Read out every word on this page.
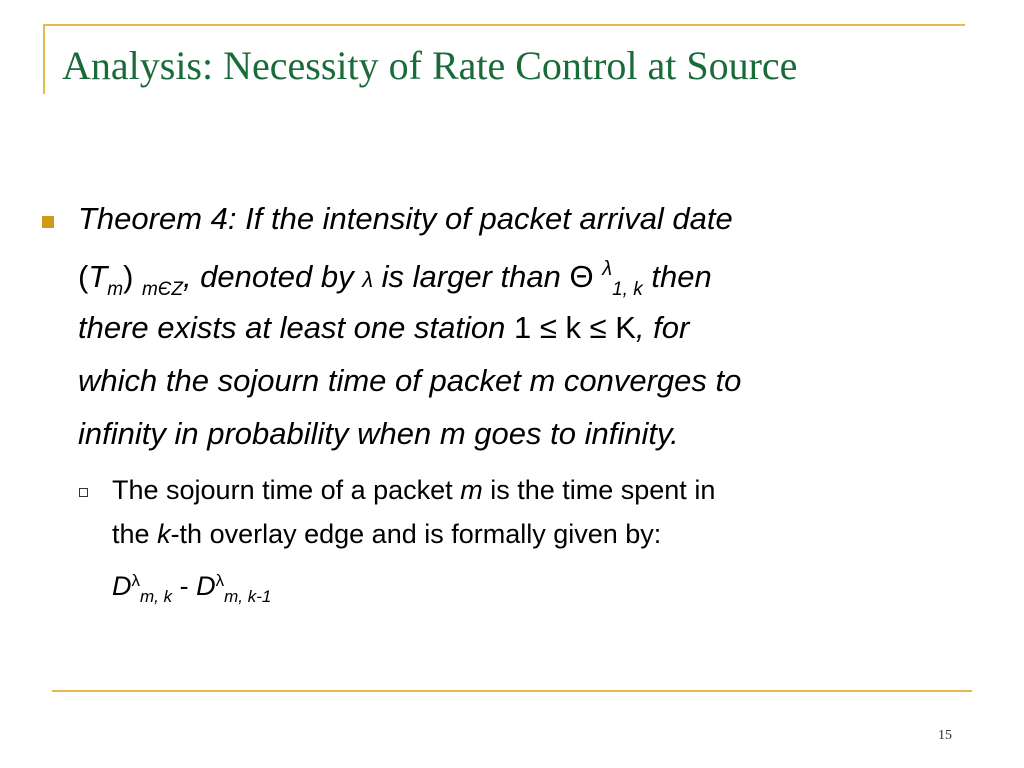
Analysis: Necessity of Rate Control at Source
Theorem 4: If the intensity of packet arrival date
$(T_m)$ $_{mЄZ}$, denoted by λ is larger than Θ $^\lambda_{1, k}$ then
there exists at least one station 1 ≤ k ≤ K, for
which the sojourn time of packet m converges to
infinity in probability when m goes to infinity.
The sojourn time of a packet m is the time spent in
the k-th overlay edge and is formally given by:
$D^\lambda_{m, k} - D^\lambda_{m, k-1}$
15
